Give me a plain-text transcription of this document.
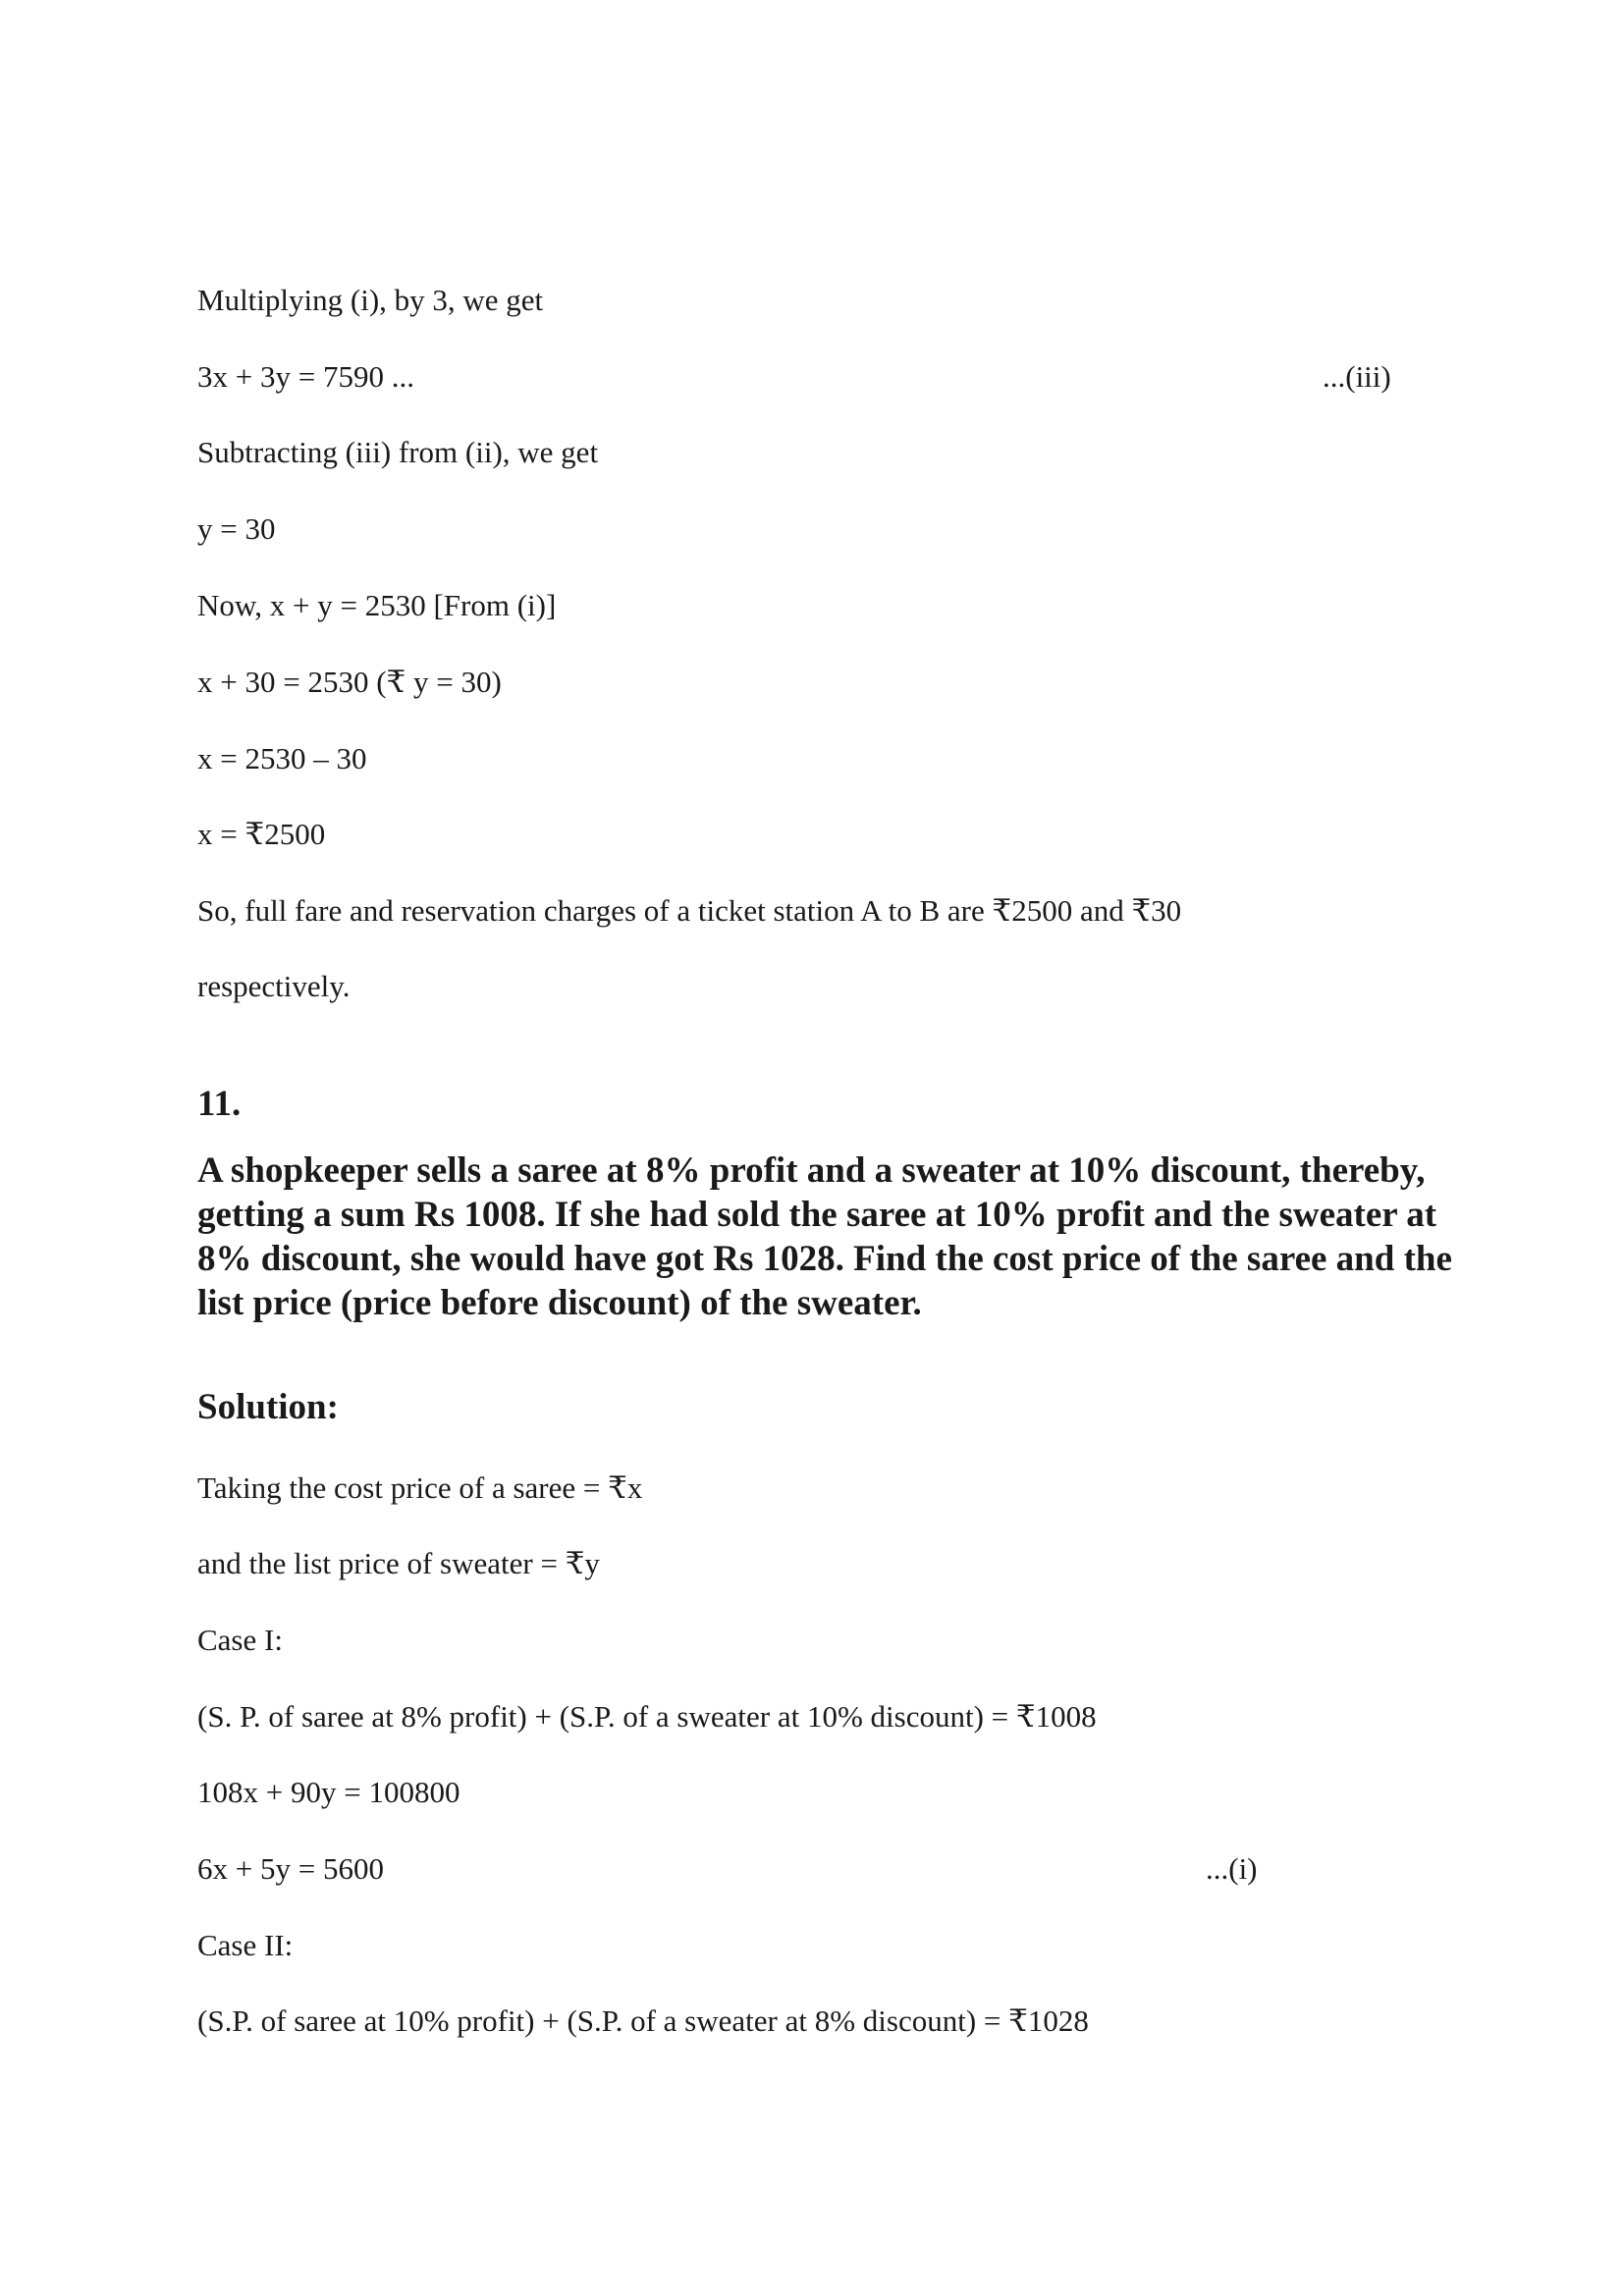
Multiplying (i), by 3, we get
3x + 3y = 7590 ...	...(iii)
Subtracting (iii) from (ii), we get
y = 30
Now, x + y = 2530 [From (i)]
x + 30 = 2530 (₹ y = 30)
x = 2530 – 30
x = ₹2500
So, full fare and reservation charges of a ticket station A to B are ₹2500 and ₹30
respectively.
11.
A shopkeeper sells a saree at 8% profit and a sweater at 10% discount, thereby, getting a sum Rs 1008. If she had sold the saree at 10% profit and the sweater at 8% discount, she would have got Rs 1028. Find the cost price of the saree and the list price (price before discount) of the sweater.
Solution:
Taking the cost price of a saree = ₹x
and the list price of sweater = ₹y
Case I:
(S. P. of saree at 8% profit) + (S.P. of a sweater at 10% discount) = ₹1008
108x + 90y = 100800
6x + 5y = 5600	...(i)
Case II:
(S.P. of saree at 10% profit) + (S.P. of a sweater at 8% discount) = ₹1028
